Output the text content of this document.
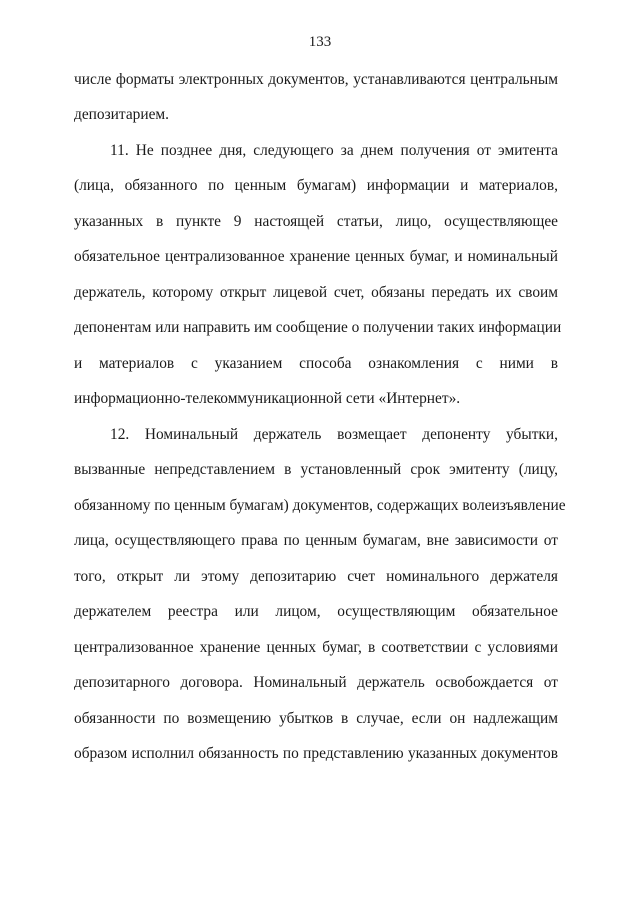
133
числе форматы электронных документов, устанавливаются центральным
депозитарием.
11. Не позднее дня, следующего за днем получения от эмитента
(лица, обязанного по ценным бумагам) информации и материалов,
указанных в пункте 9 настоящей статьи, лицо, осуществляющее
обязательное централизованное хранение ценных бумаг, и номинальный
держатель, которому открыт лицевой счет, обязаны передать их своим
депонентам или направить им сообщение о получении таких информации
и материалов с указанием способа ознакомления с ними в
информационно-телекоммуникационной сети «Интернет».
12. Номинальный держатель возмещает депоненту убытки,
вызванные непредставлением в установленный срок эмитенту (лицу,
обязанному по ценным бумагам) документов, содержащих волеизъявление
лица, осуществляющего права по ценным бумагам, вне зависимости от
того, открыт ли этому депозитарию счет номинального держателя
держателем реестра или лицом, осуществляющим обязательное
централизованное хранение ценных бумаг, в соответствии с условиями
депозитарного договора. Номинальный держатель освобождается от
обязанности по возмещению убытков в случае, если он надлежащим
образом исполнил обязанность по представлению указанных документов
